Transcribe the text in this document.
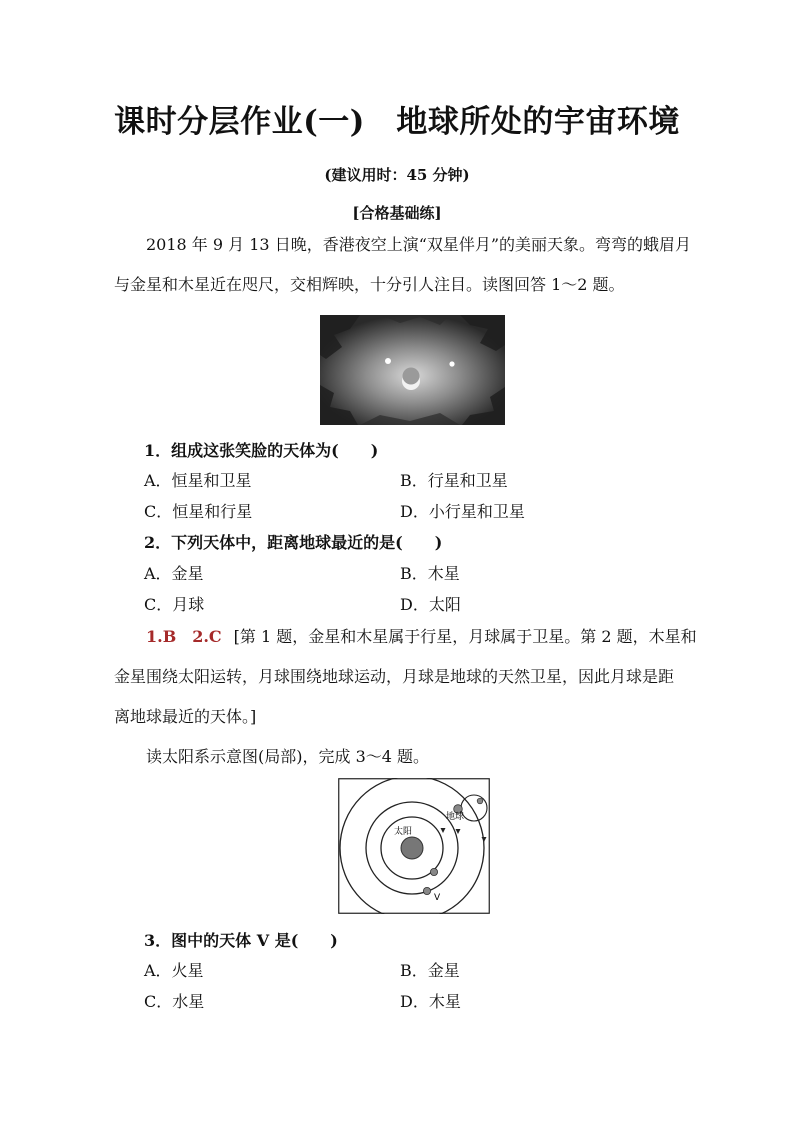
课时分层作业(一)　地球所处的宇宙环境
(建议用时：45 分钟)
[合格基础练]
2018 年 9 月 13 日晚，香港夜空上演“双星伴月”的美丽天象。弯弯的蛾眉月
与金星和木星近在咫尺，交相辉映，十分引人注目。读图回答 1～2 题。
1．组成这张笑脸的天体为(　　)
A．恒星和卫星	B．行星和卫星
C．恒星和行星	D．小行星和卫星
2．下列天体中，距离地球最近的是(　　)
A．金星	B．木星
C．月球	D．太阳
1.B　2.C [第 1 题，金星和木星属于行星，月球属于卫星。第 2 题，木星和
金星围绕太阳运转，月球围绕地球运动，月球是地球的天然卫星，因此月球是距
离地球最近的天体。]
读太阳系示意图(局部)，完成 3～4 题。
太阳
地球
V
3．图中的天体 V 是(　　)
A．火星	B．金星
C．水星	D．木星
